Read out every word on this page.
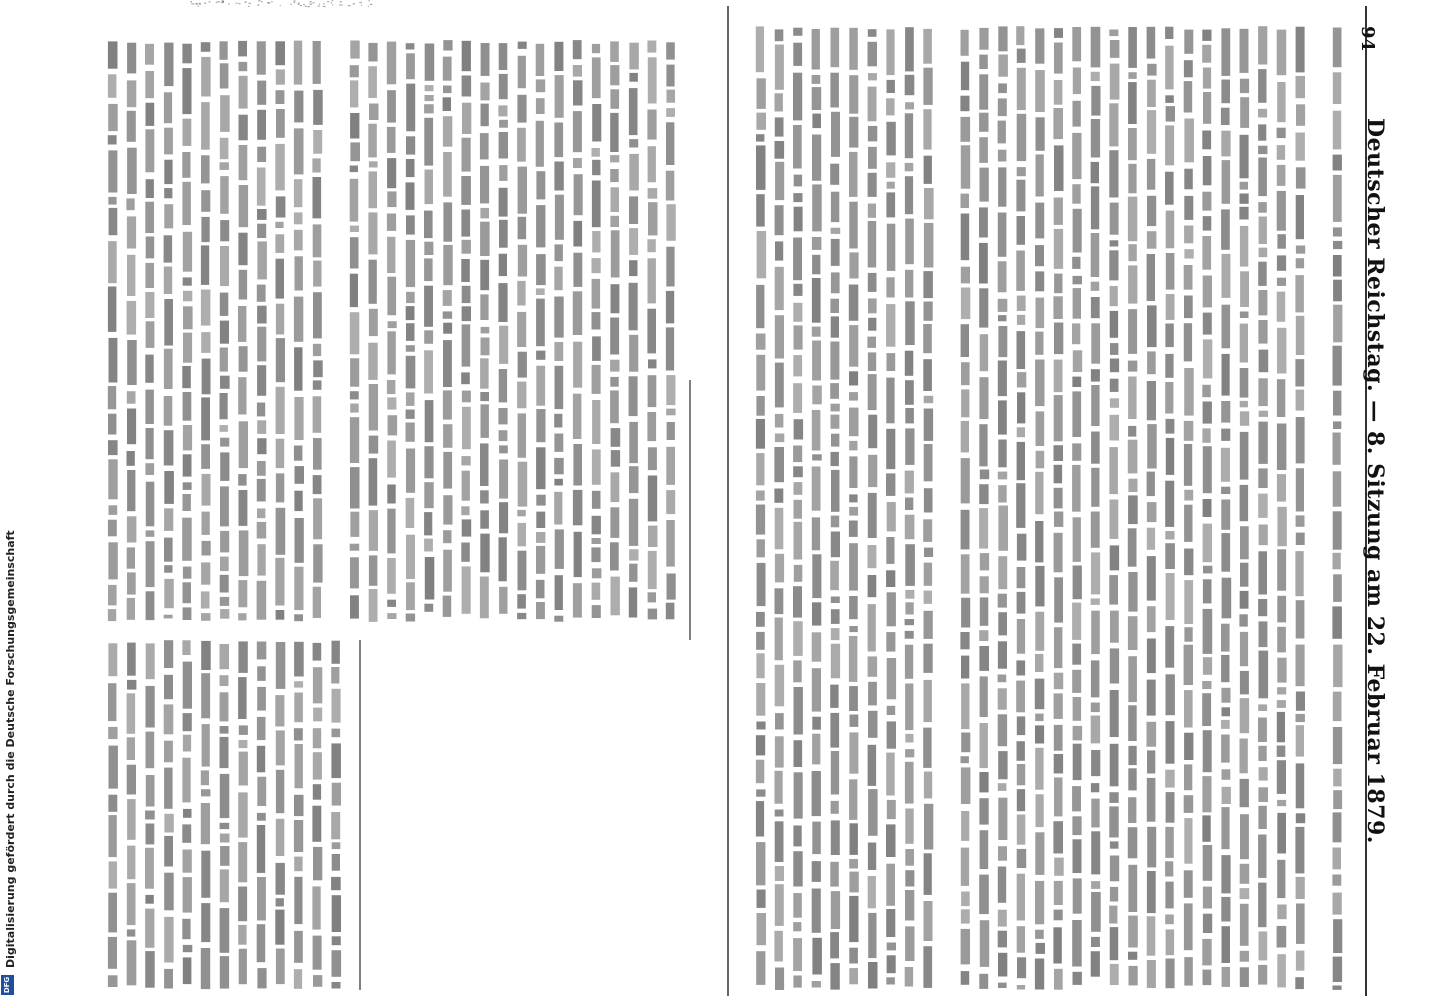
Deutscher Reichstag. — 8. Sitzung am 22. Februar 1879.
94
Digitalisierung gefördert durch die Deutsche Forschungsgemeinschaft
DFG
